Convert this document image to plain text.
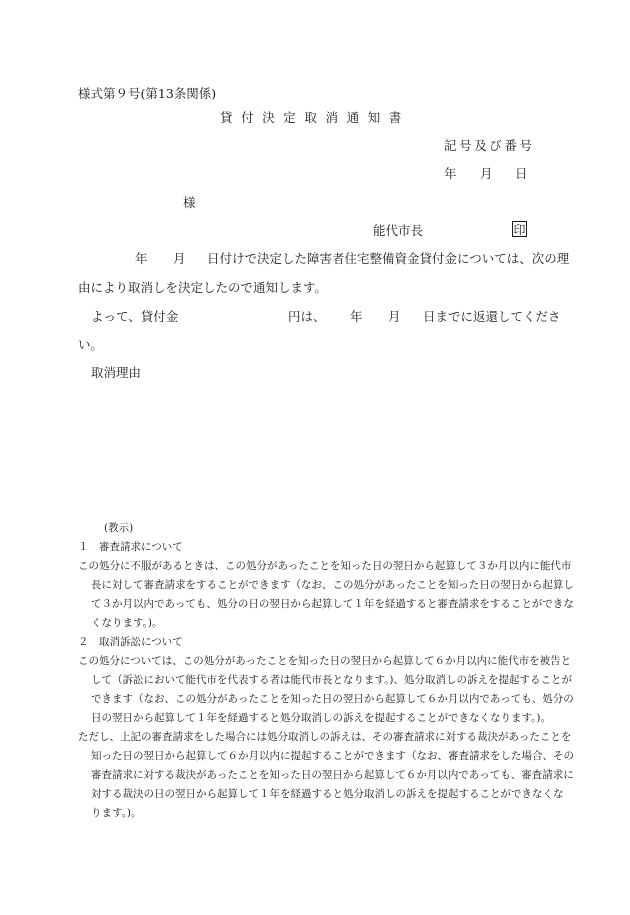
様式第９号(第13条関係)
貸付決定取消通知書
記号及び番号
年 月 日
様
能代市長	印
年 月 日付けで決定した障害者住宅整備資金貸付金については、次の理
由により取消しを決定したので通知します。
よって、貸付金	円は、 年 月 日までに返還してくださ
い。
取消理由
(教示)
１　審査請求について
この処分に不服があるときは、この処分があったことを知った日の翌日から起算して３か月以内に能代市
長に対して審査請求をすることができます（なお、この処分があったことを知った日の翌日から起算し
て３か月以内であっても、処分の日の翌日から起算して１年を経過すると審査請求をすることができな
くなります。)。
２　取消訴訟について
この処分については、この処分があったことを知った日の翌日から起算して６か月以内に能代市を被告と
して（訴訟において能代市を代表する者は能代市長となります。)、処分取消しの訴えを提起することが
できます（なお、この処分があったことを知った日の翌日から起算して６か月以内であっても、処分の
日の翌日から起算して１年を経過すると処分取消しの訴えを提起することができなくなります。)。
ただし、上記の審査請求をした場合には処分取消しの訴えは、その審査請求に対する裁決があったことを
知った日の翌日から起算して６か月以内に提起することができます（なお、審査請求をした場合、その
審査請求に対する裁決があったことを知った日の翌日から起算して６か月以内であっても、審査請求に
対する裁決の日の翌日から起算して１年を経過すると処分取消しの訴えを提起することができなくな
ります。)。
